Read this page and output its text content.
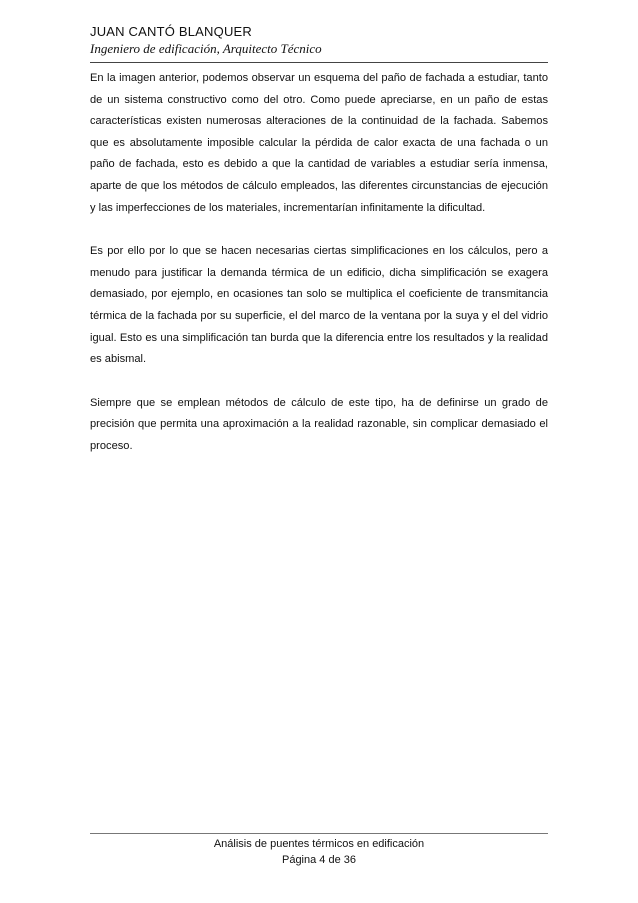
JUAN CANTÓ BLANQUER
Ingeniero de edificación, Arquitecto Técnico

En la imagen anterior, podemos observar un esquema del paño de fachada a estudiar, tanto de un sistema constructivo como del otro. Como puede apreciarse, en un paño de estas características existen numerosas alteraciones de la continuidad de la fachada. Sabemos que es absolutamente imposible calcular la pérdida de calor exacta de una fachada o un paño de fachada, esto es debido a que la cantidad de variables a estudiar sería inmensa, aparte de que los métodos de cálculo empleados, las diferentes circunstancias de ejecución y las imperfecciones de los materiales, incrementarían infinitamente la dificultad.

Es por ello por lo que se hacen necesarias ciertas simplificaciones en los cálculos, pero a menudo para justificar la demanda térmica de un edificio, dicha simplificación se exagera demasiado, por ejemplo, en ocasiones tan solo se multiplica el coeficiente de transmitancia térmica de la fachada por su superficie, el del marco de la ventana por la suya y el del vidrio igual. Esto es una simplificación tan burda que la diferencia entre los resultados y la realidad es abismal.

Siempre que se emplean métodos de cálculo de este tipo, ha de definirse un grado de precisión que permita una aproximación a la realidad razonable, sin complicar demasiado el proceso.

Análisis de puentes térmicos en edificación
Página 4 de 36
